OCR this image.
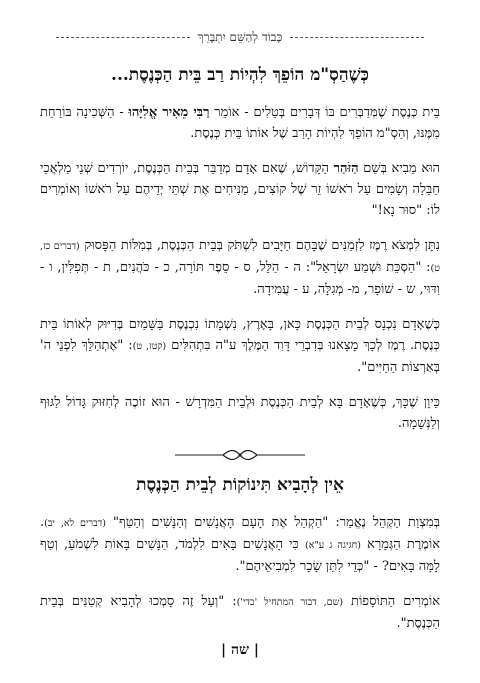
כָּבוֹד לְהַשֵּׁם יִתְבָּרֵךְ
כְּשֶׁהַסְ"מ הוֹפֵךְ לִהְיוֹת רַב בֵּית הַכְּנֶסֶת...

בֵּית כְּנֶסֶת שֶׁמְּדַבְּרִים בּוֹ דְּבָרִים בְּטֵלִים - אוֹמֵר רַבִּי מֵאִיר אֱלִיָּהוּ - הַשְּׁכִינָה בּוֹרַחַת מִמֶּנּוּ, וְהַסְ"מ הוֹפֵךְ לִהְיוֹת הָרַב שֶׁל אוֹתוֹ בֵּית כְּנֶסֶת.

הוּא מֵבִיא בְּשֵׁם הַזֹּהַר הַקָּדוֹשׁ, שֶׁאִם אָדָם מְדַבֵּר בְּבֵית הַכְּנֶסֶת, יוֹרְדִים שְׁנֵי מַלְאֲכֵי חַבָּלָה וְשָׂמִים עַל רֹאשׁוֹ זֵר שֶׁל קוֹצִים, מַנִּיחִים אֶת שְׁתֵּי יְדֵיהֶם עַל רֹאשׁוֹ וְאוֹמְרִים לוֹ: "סוּר נָא!"

נִתָּן לִמְצֹא רֶמֶז לִזְמַנִּים שֶׁבָּהֶם חַיָּבִים לִשְׁתֹּק בְּבֵית הַכְּנֶסֶת, בְּמִלּוֹת הַפָּסוּק (דברים כז, ט): "הַסְכֵּת וּשְׁמַע יִשְׂרָאֵל": ה - הַלֵּל, ס - סֵפֶר תּוֹרָה, כ - כֹּהֲנִים, ת - תְּפִלִּין, ו - וִדּוּי, ש - שׁוֹפָר, מ- מְגִלָּה, ע - עֲמִידָה.

כְּשֶׁאָדָם נִכְנָס לְבֵית הַכְּנֶסֶת כָּאן, בָּאָרֶץ, נִשְׁמָתוֹ נִכְנֶסֶת בַּשָּׁמַיִם בְּדִיּוּק לְאוֹתוֹ בֵּית כְּנֶסֶת. רֶמֶז לְכָךְ מָצָאנוּ בְּדִבְרֵי דָּוִד הַמֶּלֶךְ ע"ה בִּתְהִלִּים (קטז, ט): "אֶתְהַלֵּךְ לִפְנֵי ה' בְּאַרְצוֹת הַחַיִּים".

כֵּיוָן שֶׁכָּךְ, כְּשֶׁאָדָם בָּא לְבֵית הַכְּנֶסֶת וּלְבֵית הַמִּדְרָשׁ - הוּא זוֹכֶה לְחִזּוּק גָּדוֹל לַגּוּף וְלַנְּשָׁמָה.

אֵין לְהָבִיא תִּינוֹקוֹת לְבֵית הַכְּנֶסֶת

בְּמִצְוַת הַקְהֵל נֶאֱמַר: "הַקְהֵל אֶת הָעָם הָאֲנָשִׁים וְהַנָּשִׁים וְהַטַּף" (דברים לא, יב). אוֹמֶרֶת הַגְּמָרָא (חגיגה ג ע"א) כִּי הָאֲנָשִׁים בָּאִים לִלְמֹד, הַנָּשִׁים בָּאוֹת לִשְׁמֹעַ, וְטַף לָמָּה בָּאִים? - "כְּדֵי לִתֵּן שָׂכָר לִמְבִיאֵיהֶם".

אוֹמְרִים הַתּוֹסָפוֹת (שם, דבור המתחיל 'כדי'): "וְעַל זֶה סָמְכוּ לְהָבִיא קְטַנִּים בְּבֵית הַכְּנֶסֶת".

| שה |
